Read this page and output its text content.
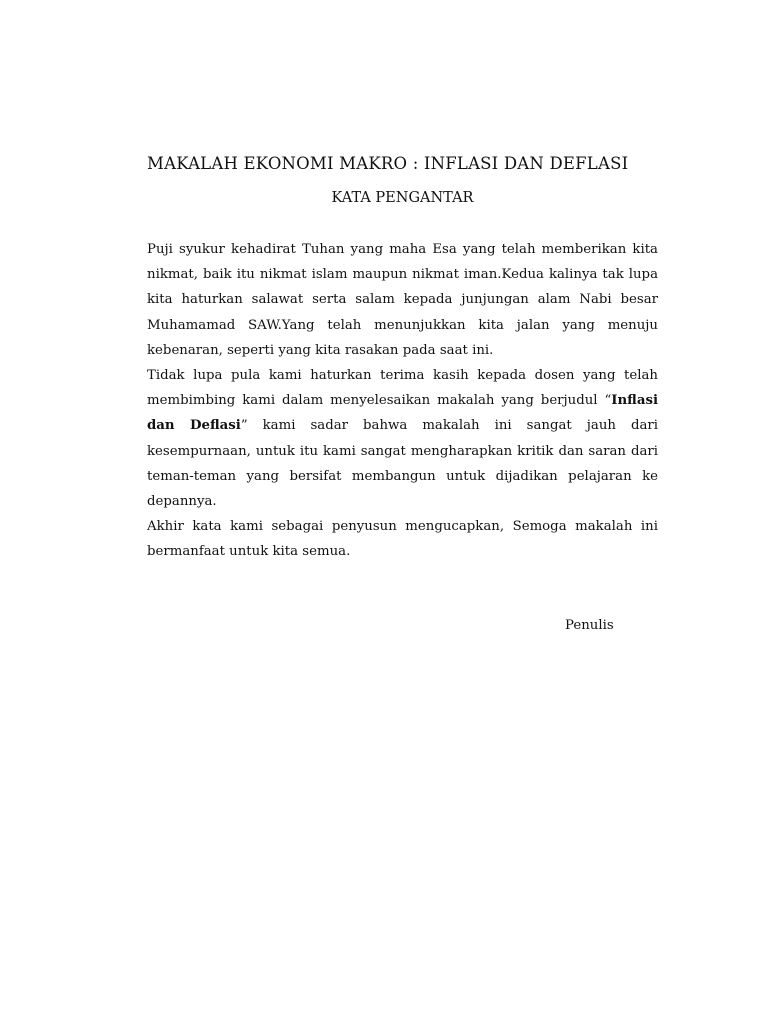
MAKALAH EKONOMI MAKRO : INFLASI DAN DEFLASI
KATA PENGANTAR

Puji syukur kehadirat Tuhan yang maha Esa yang telah memberikan kita nikmat, baik itu nikmat islam maupun nikmat iman.Kedua kalinya tak lupa kita haturkan salawat serta salam kepada junjungan alam Nabi besar Muhamamad SAW.Yang telah menunjukkan kita jalan yang menuju kebenaran, seperti yang kita rasakan pada saat ini.

Tidak lupa pula kami haturkan terima kasih kepada dosen yang telah membimbing kami dalam menyelesaikan makalah yang berjudul “Inflasi dan Deflasi” kami sadar bahwa makalah ini sangat jauh dari kesempurnaan, untuk itu kami sangat mengharapkan kritik dan saran dari teman-teman yang bersifat membangun untuk dijadikan pelajaran ke depannya.

Akhir kata kami sebagai penyusun mengucapkan, Semoga makalah ini bermanfaat untuk kita semua.

Penulis
